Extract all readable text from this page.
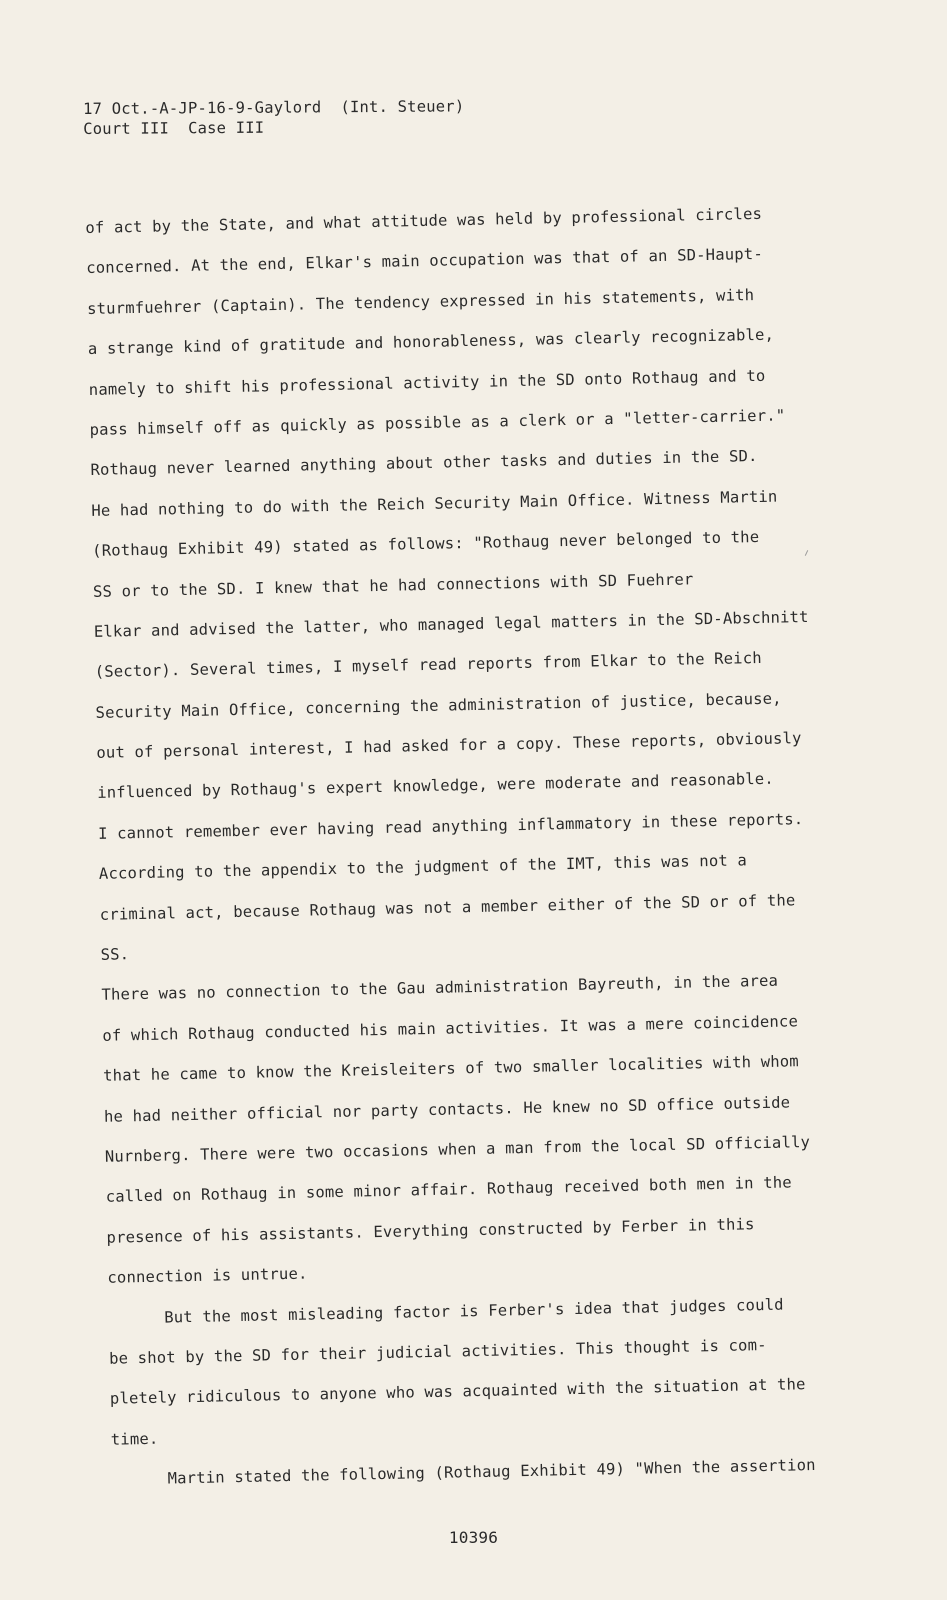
17 Oct.-A-JP-16-9-Gaylord  (Int. Steuer)
Court III  Case III
of act by the State, and what attitude was held by professional circles
concerned. At the end, Elkar's main occupation was that of an SD-Haupt-
sturmfuehrer (Captain). The tendency expressed in his statements, with
a strange kind of gratitude and honorableness, was clearly recognizable,
namely to shift his professional activity in the SD onto Rothaug and to
pass himself off as quickly as possible as a clerk or a "letter-carrier."
Rothaug never learned anything about other tasks and duties in the SD.
He had nothing to do with the Reich Security Main Office. Witness Martin
(Rothaug Exhibit 49) stated as follows: "Rothaug never belonged to the
SS or to the SD. I knew that he had connections with SD Fuehrer
Elkar and advised the latter, who managed legal matters in the SD-Abschnitt
(Sector). Several times, I myself read reports from Elkar to the Reich
Security Main Office, concerning the administration of justice, because,
out of personal interest, I had asked for a copy. These reports, obviously
influenced by Rothaug's expert knowledge, were moderate and reasonable.
I cannot remember ever having read anything inflammatory in these reports.
According to the appendix to the judgment of the IMT, this was not a
criminal act, because Rothaug was not a member either of the SD or of the
SS.
There was no connection to the Gau administration Bayreuth, in the area
of which Rothaug conducted his main activities. It was a mere coincidence
that he came to know the Kreisleiters of two smaller localities with whom
he had neither official nor party contacts. He knew no SD office outside
Nurnberg. There were two occasions when a man from the local SD officially
called on Rothaug in some minor affair. Rothaug received both men in the
presence of his assistants. Everything constructed by Ferber in this
connection is untrue.
But the most misleading factor is Ferber's idea that judges could
be shot by the SD for their judicial activities. This thought is com-
pletely ridiculous to anyone who was acquainted with the situation at the
time.
Martin stated the following (Rothaug Exhibit 49) "When the assertion
10396
